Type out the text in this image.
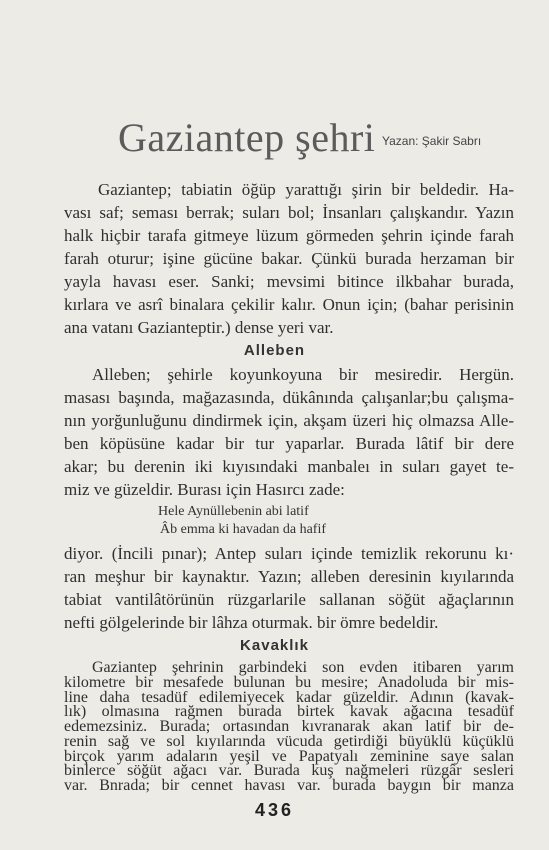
Gaziantep şehri Yazan: Şakir Sabrı
Gaziantep; tabiatin öğüp yarattığı şirin bir beldedir. Ha-
vası saf; seması berrak; suları bol; İnsanları çalışkandır. Yazın
halk hiçbir tarafa gitmeye lüzum görmeden şehrin içinde farah
farah oturur; işine gücüne bakar. Çünkü burada herzaman bir
yayla havası eser. Sanki; mevsimi bitince ilkbahar burada,
kırlara ve asrî binalara çekilir kalır. Onun için; (bahar perisinin
ana vatanı Gazianteptir.) dense yeri var.
Alleben
Alleben; şehirle koyunkoyuna bir mesiredir. Hergün.
masası başında, mağazasında, dükânında çalışanlar;bu çalışma-
nın yorğunluğunu dindirmek için, akşam üzeri hiç olmazsa Alle-
ben köpüsüne kadar bir tur yaparlar. Burada lâtif bir dere
akar; bu derenin iki kıyısındaki manbaleı in suları gayet te-
miz ve güzeldir. Burası için Hasırcı zade:
Hele Aynüllebenin abi latif
Âb emma ki havadan da hafif
diyor. (İncili pınar); Antep suları içinde temizlik rekorunu kı·
ran meşhur bir kaynaktır. Yazın; alleben deresinin kıyılarında
tabiat vantilâtörünün rüzgarlarile sallanan söğüt ağaçlarının
nefti gölgelerinde bir lâhza oturmak. bir ömre bedeldir.
Kavaklık
436
Gaziantep şehrinin garbindeki son evden itibaren yarım
kilometre bir mesafede bulunan bu mesire; Anadoluda bir mis-
line daha tesadüf edilemiyecek kadar güzeldir. Adının (kavak-
lık) olmasına rağmen burada birtek kavak ağacına tesadüf
edemezsiniz. Burada; ortasından kıvranarak akan latif bir de-
renin sağ ve sol kıyılarında vücuda getirdiği büyüklü küçüklü
birçok yarım adaların yeşil ve Papatyalı zeminine saye salan
binlerce söğüt ağacı var. Burada kuş nağmeleri rüzgâr sesleri
var. Bnrada; bir cennet havası var. burada baygın bir manza
